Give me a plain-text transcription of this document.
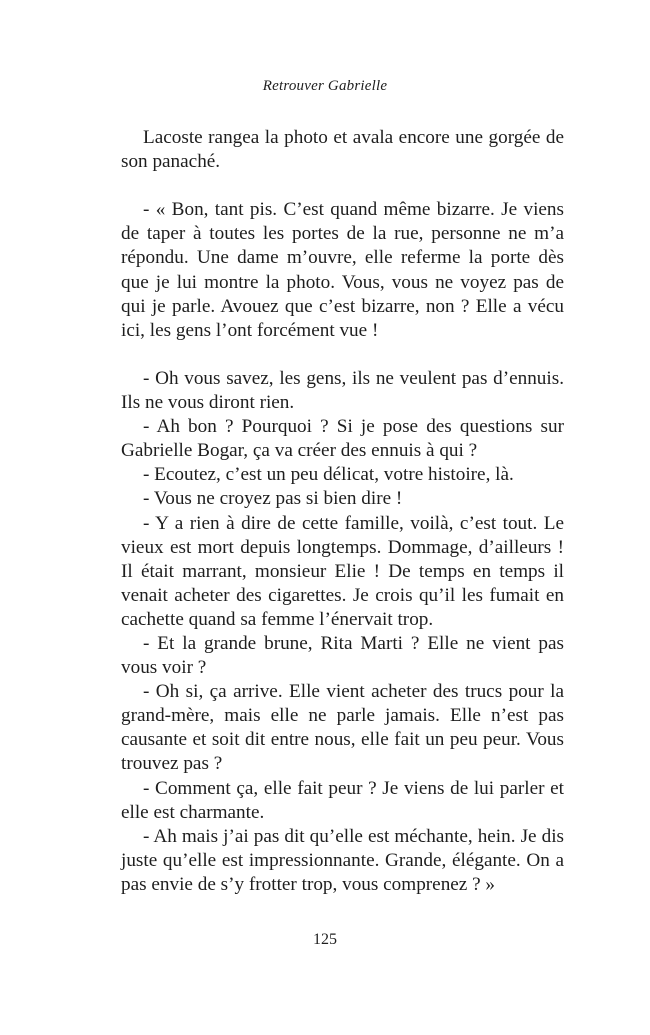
Retrouver Gabrielle

Lacoste rangea la photo et avala encore une gorgée de son panaché.

- « Bon, tant pis. C’est quand même bizarre. Je viens de taper à toutes les portes de la rue, personne ne m’a répondu. Une dame m’ouvre, elle referme la porte dès que je lui montre la photo. Vous, vous ne voyez pas de qui je parle. Avouez que c’est bizarre, non ? Elle a vécu ici, les gens l’ont forcément vue !

- Oh vous savez, les gens, ils ne veulent pas d’ennuis. Ils ne vous diront rien.

- Ah bon ? Pourquoi ? Si je pose des questions sur Gabrielle Bogar, ça va créer des ennuis à qui ?

- Ecoutez, c’est un peu délicat, votre histoire, là.

- Vous ne croyez pas si bien dire !

- Y a rien à dire de cette famille, voilà, c’est tout. Le vieux est mort depuis longtemps. Dommage, d’ailleurs ! Il était marrant, monsieur Elie ! De temps en temps il venait acheter des cigarettes. Je crois qu’il les fumait en cachette quand sa femme l’énervait trop.

- Et la grande brune, Rita Marti ? Elle ne vient pas vous voir ?

- Oh si, ça arrive. Elle vient acheter des trucs pour la grand-mère, mais elle ne parle jamais. Elle n’est pas causante et soit dit entre nous, elle fait un peu peur. Vous trouvez pas ?

- Comment ça, elle fait peur ? Je viens de lui parler et elle est charmante.

- Ah mais j’ai pas dit qu’elle est méchante, hein. Je dis juste qu’elle est impressionnante. Grande, élégante. On a pas envie de s’y frotter trop, vous comprenez ? »

125
